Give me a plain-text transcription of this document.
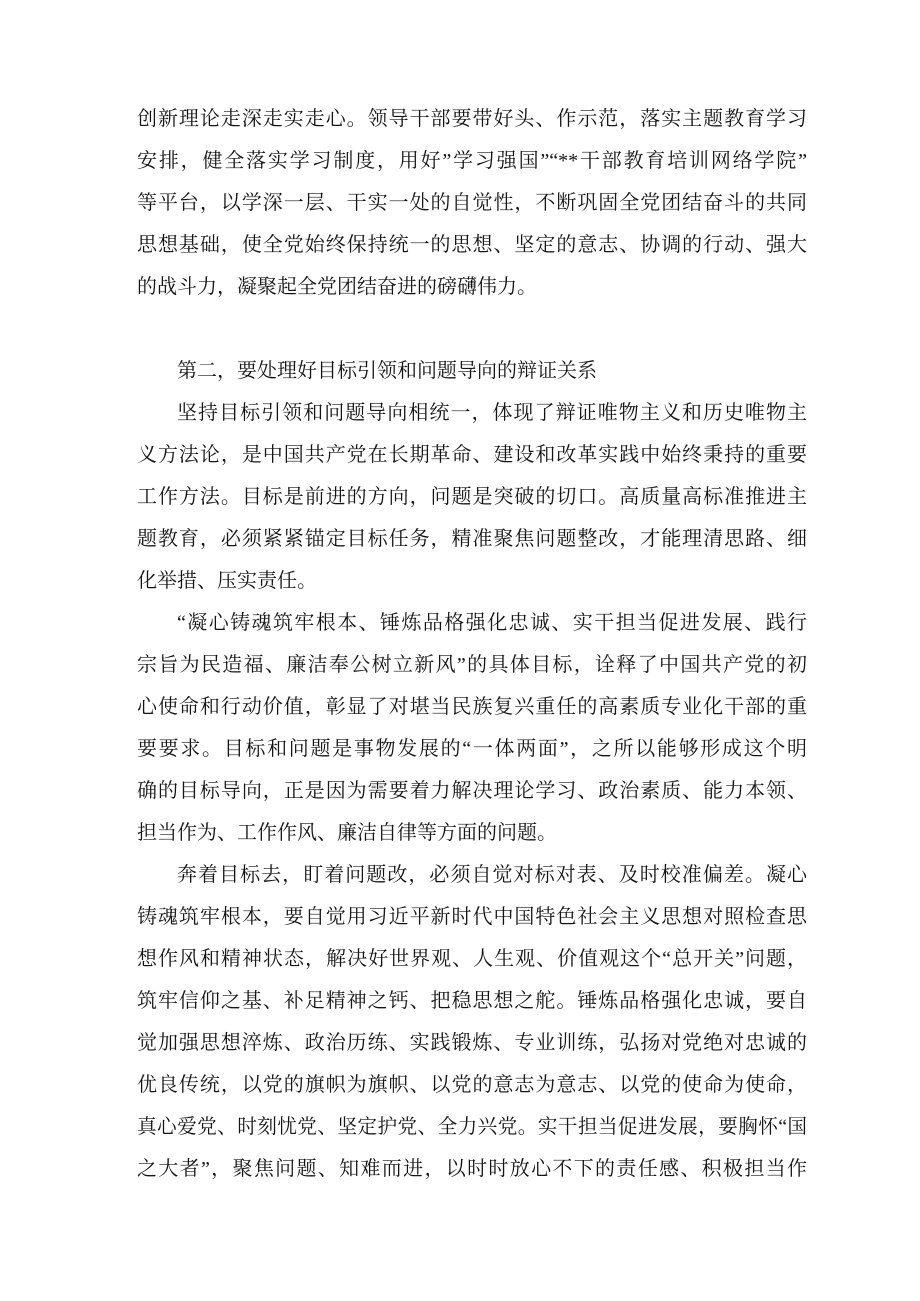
创新理论走深走实走心。领导干部要带好头、作示范，落实主题教育学习
安排，健全落实学习制度，用好”学习强国”“**干部教育培训网络学院”
等平台，以学深一层、干实一处的自觉性，不断巩固全党团结奋斗的共同
思想基础，使全党始终保持统一的思想、坚定的意志、协调的行动、强大
的战斗力，凝聚起全党团结奋进的磅礴伟力。
第二，要处理好目标引领和问题导向的辩证关系
坚持目标引领和问题导向相统一，体现了辩证唯物主义和历史唯物主
义方法论，是中国共产党在长期革命、建设和改革实践中始终秉持的重要
工作方法。目标是前进的方向，问题是突破的切口。高质量高标准推进主
题教育，必须紧紧锚定目标任务，精准聚焦问题整改，才能理清思路、细
化举措、压实责任。
“凝心铸魂筑牢根本、锤炼品格强化忠诚、实干担当促进发展、践行
宗旨为民造福、廉洁奉公树立新风”的具体目标，诠释了中国共产党的初
心使命和行动价值，彰显了对堪当民族复兴重任的高素质专业化干部的重
要要求。目标和问题是事物发展的“一体两面”，之所以能够形成这个明
确的目标导向，正是因为需要着力解决理论学习、政治素质、能力本领、
担当作为、工作作风、廉洁自律等方面的问题。
奔着目标去，盯着问题改，必须自觉对标对表、及时校准偏差。凝心
铸魂筑牢根本，要自觉用习近平新时代中国特色社会主义思想对照检查思
想作风和精神状态，解决好世界观、人生观、价值观这个“总开关”问题，
筑牢信仰之基、补足精神之钙、把稳思想之舵。锤炼品格强化忠诚，要自
觉加强思想淬炼、政治历练、实践锻炼、专业训练，弘扬对党绝对忠诚的
优良传统，以党的旗帜为旗帜、以党的意志为意志、以党的使命为使命，
真心爱党、时刻忧党、坚定护党、全力兴党。实干担当促进发展，要胸怀“国
之大者”，聚焦问题、知难而进，以时时放心不下的责任感、积极担当作
